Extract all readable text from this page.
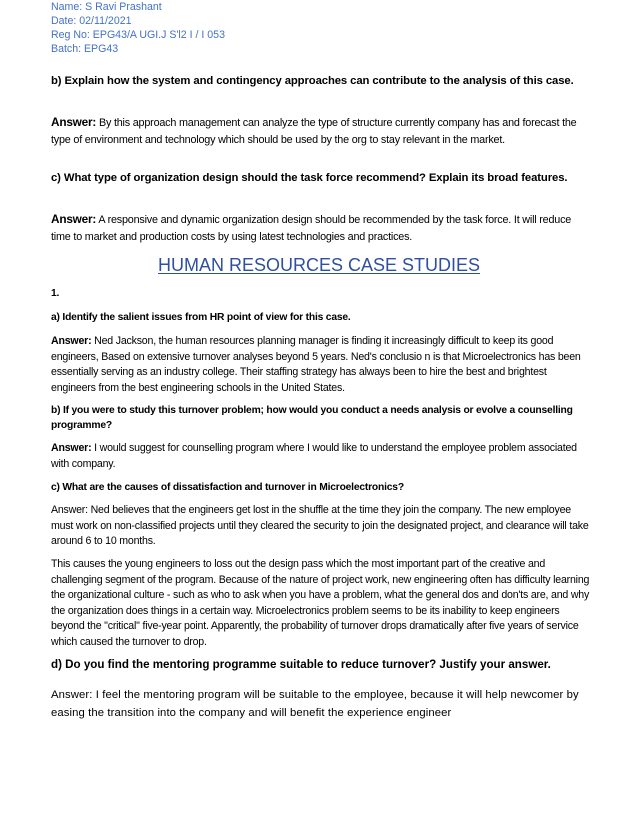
Name: S Ravi Prashant
Date: 02/11/2021
Reg No: EPG43/A UGI.J S'l2 I / I 053
Batch: EPG43
b) Explain how the system and contingency approaches can contribute to the analysis of this case.
Answer: By this approach management can analyze the type of structure currently company has and forecast the type of environment and technology which should be used by the org to stay relevant in the market.
c) What type of organization design should the task force recommend? Explain its broad features.
Answer: A responsive and dynamic organization design should be recommended by the task force. It will reduce time to market and production costs by using latest technologies and practices.
HUMAN RESOURCES CASE STUDIES
1.
a) Identify the salient issues from HR point of view for this case.
Answer: Ned Jackson, the human resources planning manager is finding it increasingly difficult to keep its good engineers, Based on extensive turnover analyses beyond 5 years. Ned's conclusio n is that Microelectronics has been essentially serving as an industry college. Their staffing strategy has always been to hire the best and brightest engineers from the best engineering schools in the United States.
b) If you were to study this turnover problem; how would you conduct a needs analysis or evolve a counselling programme?
Answer: I would suggest for counselling program where I would like to understand the employee problem associated with company.
c) What are the causes of dissatisfaction and turnover in Microelectronics?
Answer: Ned believes that the engineers get lost in the shuffle at the time they join the company. The new employee must work on non-classified projects until they cleared the security to join the designated project, and clearance will take around 6 to 10 months.
This causes the young engineers to loss out the design pass which the most important part of the creative and challenging segment of the program. Because of the nature of project work, new engineering often has difficulty learning the organizational culture - such as who to ask when you have a problem, what the general dos and don'ts are, and why the organization does things in a certain way. Microelectronics problem seems to be its inability to keep engineers beyond the "critical" five-year point. Apparently, the probability of turnover drops dramatically after five years of service which caused the turnover to drop.
d) Do you find the mentoring programme suitable to reduce turnover? Justify your answer.
Answer: I feel the mentoring program will be suitable to the employee, because it will help newcomer by easing the transition into the company and will benefit the experience engineer
